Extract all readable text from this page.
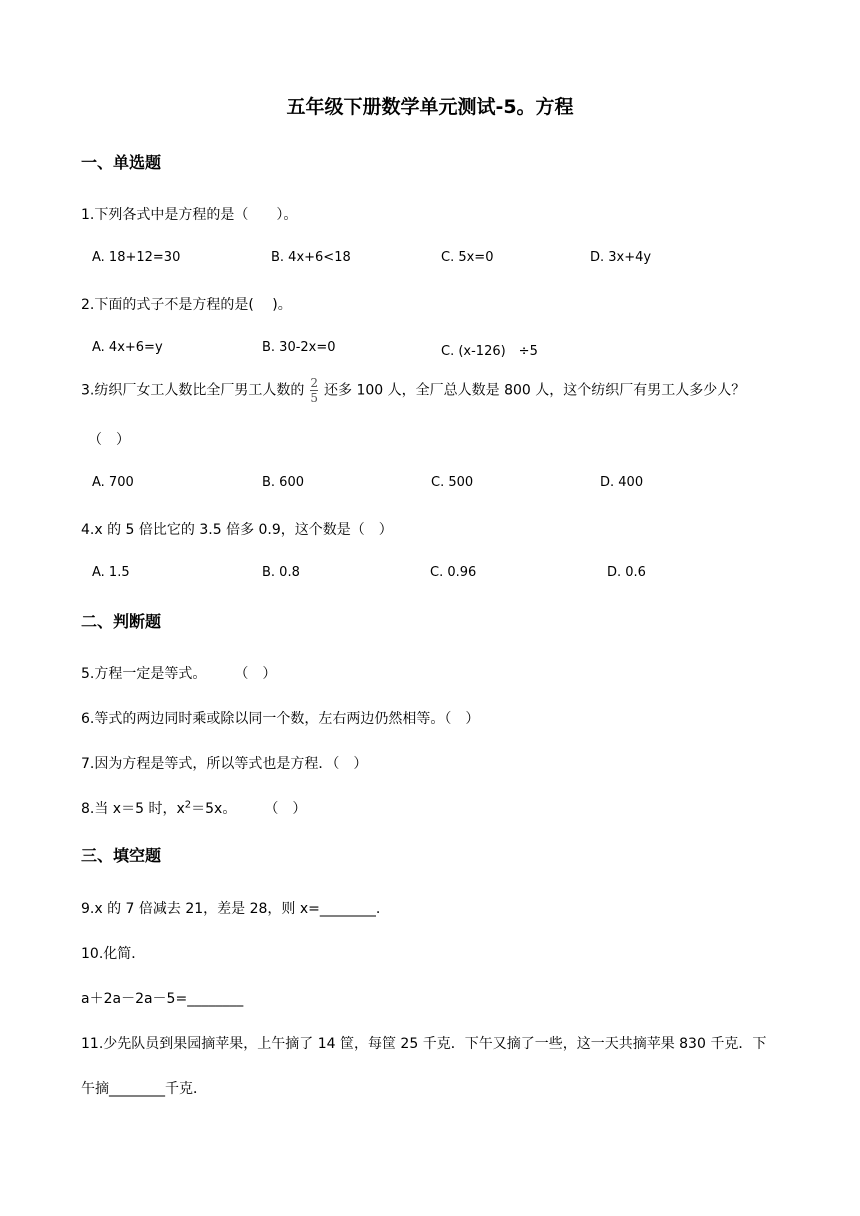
五年级下册数学单元测试-5。方程
一、单选题
1.下列各式中是方程的是（　　）。
A. 18+12=30	B. 4x+6<18	C. 5x=0	D. 3x+4y
2.下面的式子不是方程的是(　 )。
A. 4x+6=y	B. 30-2x=0	C. (x-126)　÷5
3.纺织厂女工人数比全厂男工人数的 $\frac{2}{5}$ 还多 100 人，全厂总人数是 800 人，这个纺织厂有男工人多少人？
（　）
A. 700	B. 600	C. 500	D. 400
4.x 的 5 倍比它的 3.5 倍多 0.9，这个数是（　）
A. 1.5	B. 0.8	C. 0.96	D. 0.6
二、判断题
5.方程一定是等式。　　　（　）
6.等式的两边同时乘或除以同一个数，左右两边仍然相等。（　）
7.因为方程是等式，所以等式也是方程．（　）
8.当 x＝5 时，$x^2=5x$。　　　（　）
三、填空题
9.x 的 7 倍减去 21，差是 28，则 x=________.
10.化简．
a＋2a－2a－5=________
11.少先队员到果园摘苹果，上午摘了 14 筐，每筐 25 千克．下午又摘了一些，这一天共摘苹果 830 千克．下
午摘________千克．
